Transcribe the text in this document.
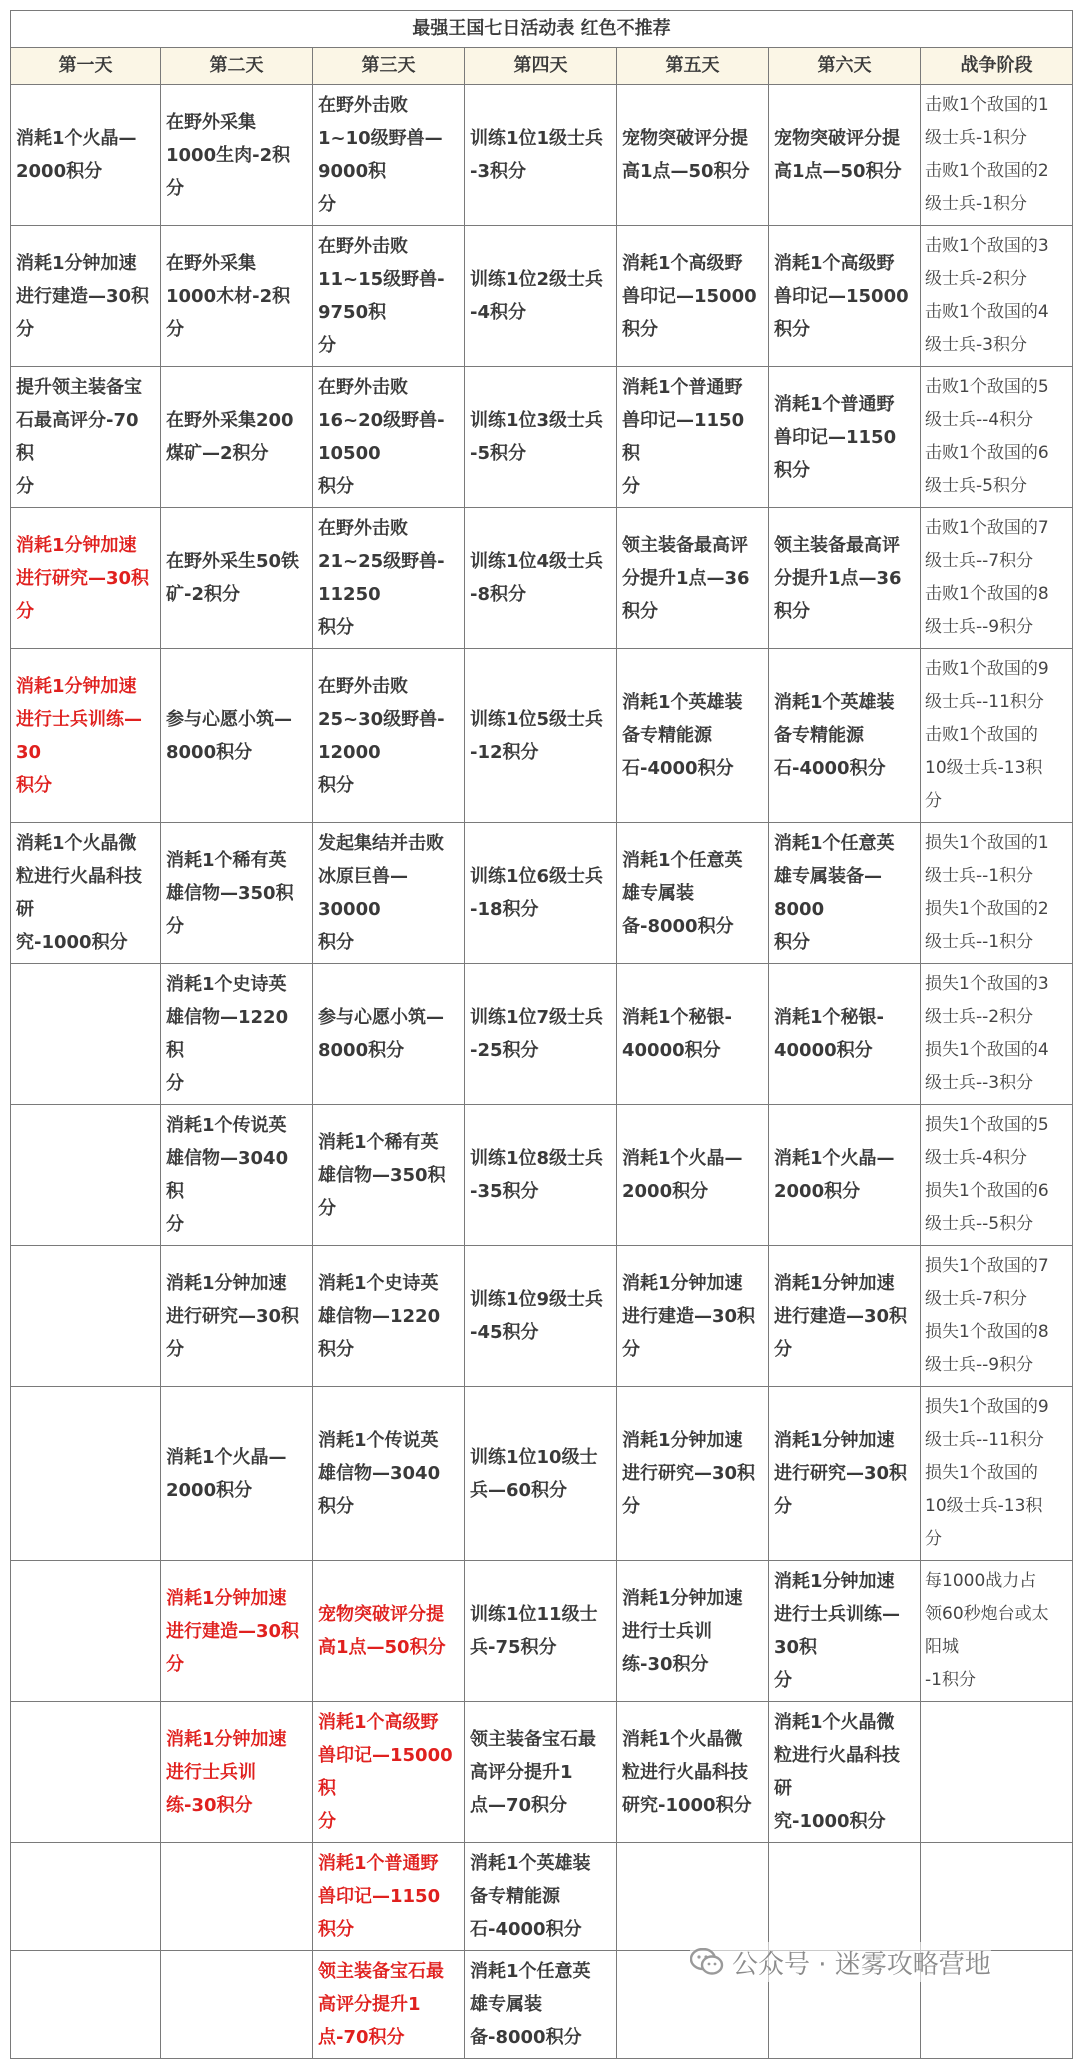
最强王国七日活动表 红色不推荐						
第一天	第二天	第三天	第四天	第五天	第六天	战争阶段
消耗1个火晶—
2000积分	在野外采集
1000生肉-2积
分	在野外击败
1~10级野兽—
9000积
分	训练1位1级士兵
-3积分	宠物突破评分提
高1点—50积分	宠物突破评分提
高1点—50积分	击败1个敌国的1
级士兵-1积分
击败1个敌国的2
级士兵-1积分
消耗1分钟加速
进行建造—30积
分	在野外采集
1000木材-2积
分	在野外击败
11~15级野兽-
9750积
分	训练1位2级士兵
-4积分	消耗1个高级野
兽印记—15000
积分	消耗1个高级野
兽印记—15000
积分	击败1个敌国的3
级士兵-2积分
击败1个敌国的4
级士兵-3积分
提升领主装备宝
石最高评分-70
积
分	在野外采集200
煤矿—2积分	在野外击败
16~20级野兽-
10500
积分	训练1位3级士兵
-5积分	消耗1个普通野
兽印记—1150
积
分	消耗1个普通野
兽印记—1150
积分	击败1个敌国的5
级士兵--4积分
击败1个敌国的6
级士兵-5积分
消耗1分钟加速
进行研究—30积
分	在野外采生50铁
矿-2积分	在野外击败
21~25级野兽-
11250
积分	训练1位4级士兵
-8积分	领主装备最高评
分提升1点—36
积分	领主装备最高评
分提升1点—36
积分	击败1个敌国的7
级士兵--7积分
击败1个敌国的8
级士兵--9积分
消耗1分钟加速
进行士兵训练—
30
积分	参与心愿小筑—
8000积分	在野外击败
25~30级野兽-
12000
积分	训练1位5级士兵
-12积分	消耗1个英雄装
备专精能源
石-4000积分	消耗1个英雄装
备专精能源
石-4000积分	击败1个敌国的9
级士兵--11积分
击败1个敌国的
10级士兵-13积
分
消耗1个火晶微
粒进行火晶科技
研
究-1000积分	消耗1个稀有英
雄信物—350积
分	发起集结并击败
冰原巨兽—
30000
积分	训练1位6级士兵
-18积分	消耗1个任意英
雄专属装
备-8000积分	消耗1个任意英
雄专属装备—
8000
积分	损失1个敌国的1
级士兵--1积分
损失1个敌国的2
级士兵--1积分
	消耗1个史诗英
雄信物—1220
积
分	参与心愿小筑—
8000积分	训练1位7级士兵
-25积分	消耗1个秘银-
40000积分	消耗1个秘银-
40000积分	损失1个敌国的3
级士兵--2积分
损失1个敌国的4
级士兵--3积分
	消耗1个传说英
雄信物—3040
积
分	消耗1个稀有英
雄信物—350积
分	训练1位8级士兵
-35积分	消耗1个火晶—
2000积分	消耗1个火晶—
2000积分	损失1个敌国的5
级士兵-4积分
损失1个敌国的6
级士兵--5积分
	消耗1分钟加速
进行研究—30积
分	消耗1个史诗英
雄信物—1220
积分	训练1位9级士兵
-45积分	消耗1分钟加速
进行建造—30积
分	消耗1分钟加速
进行建造—30积
分	损失1个敌国的7
级士兵-7积分
损失1个敌国的8
级士兵--9积分
	消耗1个火晶—
2000积分	消耗1个传说英
雄信物—3040
积分	训练1位10级士
兵—60积分	消耗1分钟加速
进行研究—30积
分	消耗1分钟加速
进行研究—30积
分	损失1个敌国的9
级士兵--11积分
损失1个敌国的
10级士兵-13积
分
	消耗1分钟加速
进行建造—30积
分	宠物突破评分提
高1点—50积分	训练1位11级士
兵-75积分	消耗1分钟加速
进行士兵训
练-30积分	消耗1分钟加速
进行士兵训练—
30积
分	每1000战力占
领60秒炮台或太
阳城
-1积分
	消耗1分钟加速
进行士兵训
练-30积分	消耗1个高级野
兽印记—15000
积
分	领主装备宝石最
高评分提升1
点—70积分	消耗1个火晶微
粒进行火晶科技
研究-1000积分	消耗1个火晶微
粒进行火晶科技
研
究-1000积分	
		消耗1个普通野
兽印记—1150
积分	消耗1个英雄装
备专精能源
石-4000积分			
		领主装备宝石最
高评分提升1
点-70积分	消耗1个任意英
雄专属装
备-8000积分			
公众号 · 迷雾攻略营地
